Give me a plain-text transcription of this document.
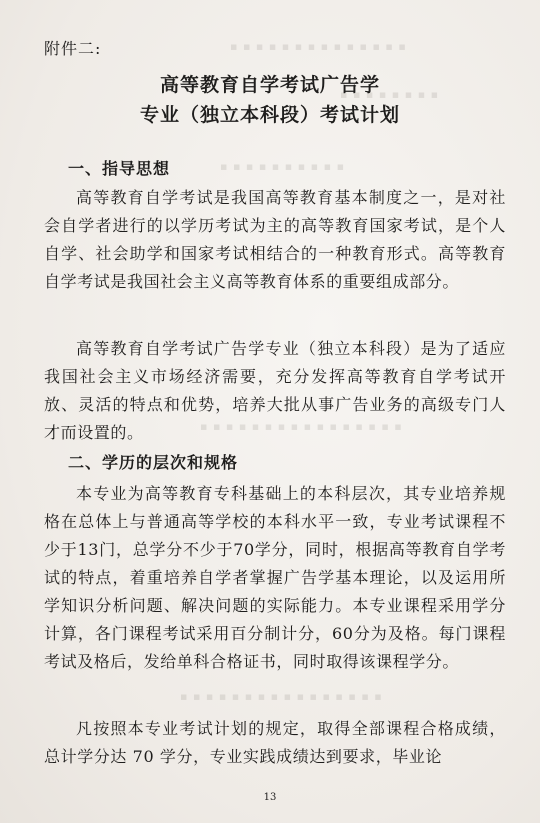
▪ ▪ ▪ ▪ ▪ ▪ ▪ ▪ ▪ ▪ ▪ ▪ ▪ ▪
▪ ▪ ▪ ▪ ▪ ▪ ▪ ▪
▪ ▪ ▪ ▪ ▪ ▪ ▪ ▪ ▪ ▪
▪ ▪ ▪ ▪ ▪ ▪ ▪ ▪ ▪ ▪ ▪ ▪ ▪ ▪ ▪ ▪
▪ ▪ ▪ ▪ ▪ ▪ ▪ ▪ ▪ ▪ ▪ ▪ ▪ ▪ ▪ ▪
附件二:
高等教育自学考试广告学
专业（独立本科段）考试计划
一、指导思想

高等教育自学考试是我国高等教育基本制度之一，是对社会自学者进行的以学历考试为主的高等教育国家考试，是个人自学、社会助学和国家考试相结合的一种教育形式。高等教育自学考试是我国社会主义高等教育体系的重要组成部分。

高等教育自学考试广告学专业（独立本科段）是为了适应我国社会主义市场经济需要，充分发挥高等教育自学考试开放、灵活的特点和优势，培养大批从事广告业务的高级专门人才而设置的。

二、学历的层次和规格

本专业为高等教育专科基础上的本科层次，其专业培养规格在总体上与普通高等学校的本科水平一致，专业考试课程不少于13门，总学分不少于70学分，同时，根据高等教育自学考试的特点，着重培养自学者掌握广告学基本理论，以及运用所学知识分析问题、解决问题的实际能力。本专业课程采用学分计算，各门课程考试采用百分制计分，60分为及格。每门课程考试及格后，发给单科合格证书，同时取得该课程学分。

凡按照本专业考试计划的规定，取得全部课程合格成绩，总计学分达 70 学分，专业实践成绩达到要求，毕业论

13
